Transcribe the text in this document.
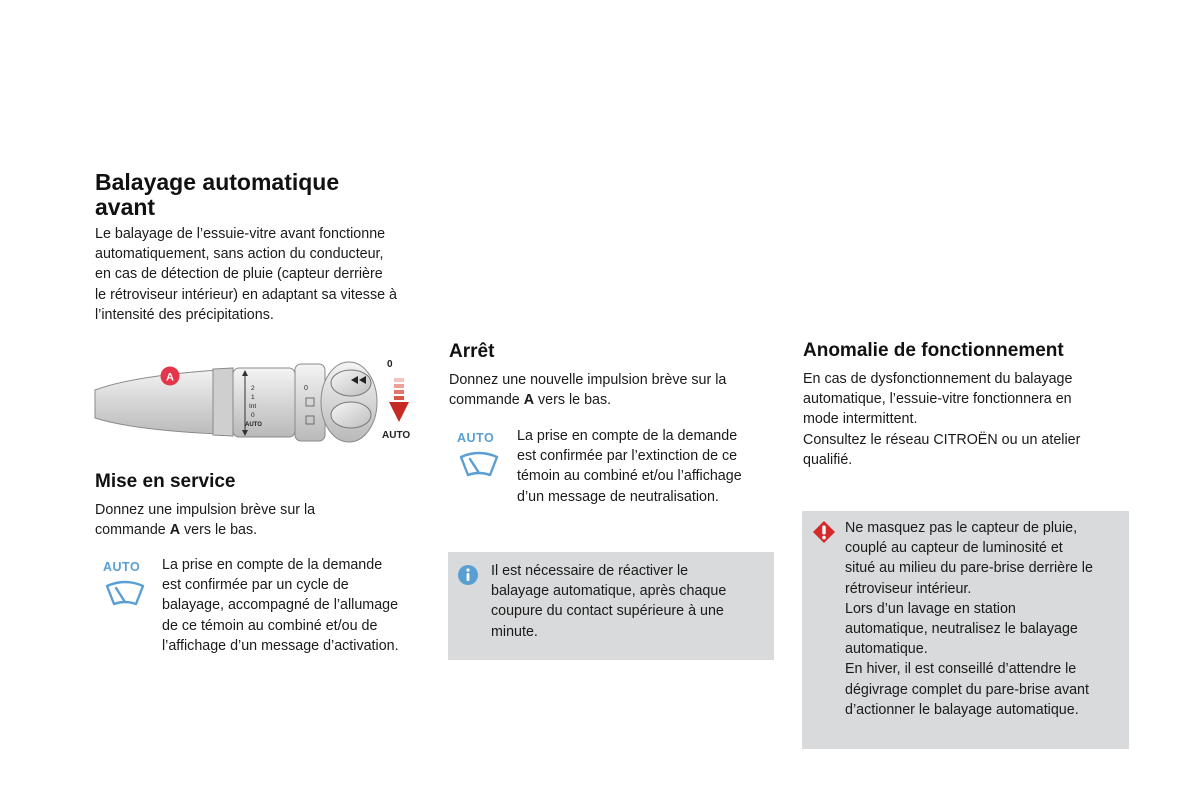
Balayage automatique
avant
Le balayage de l’essuie-vitre avant fonctionne
automatiquement, sans action du conducteur,
en cas de détection de pluie (capteur derrière
le rétroviseur intérieur) en adaptant sa vitesse à
l’intensité des précipitations.
2
1
Int
0
AUTO
0
0
AUTO
A
Mise en service
Donnez une impulsion brève sur la
commande A vers le bas.
AUTO La prise en compte de la demande
est confirmée par un cycle de
balayage, accompagné de l’allumage
de ce témoin au combiné et/ou de
l’affichage d’un message d’activation.
Arrêt
Donnez une nouvelle impulsion brève sur la
commande A vers le bas.
AUTO La prise en compte de la demande
est confirmée par l’extinction de ce
témoin au combiné et/ou l’affichage
d’un message de neutralisation.
Il est nécessaire de réactiver le
balayage automatique, après chaque
coupure du contact supérieure à une
minute.
Anomalie de fonctionnement
En cas de dysfonctionnement du balayage
automatique, l’essuie-vitre fonctionnera en
mode intermittent.
Consultez le réseau CITROËN ou un atelier
qualifié.
Ne masquez pas le capteur de pluie,
couplé au capteur de luminosité et
situé au milieu du pare-brise derrière le
rétroviseur intérieur.
Lors d’un lavage en station
automatique, neutralisez le balayage
automatique.
En hiver, il est conseillé d’attendre le
dégivrage complet du pare-brise avant
d’actionner le balayage automatique.
